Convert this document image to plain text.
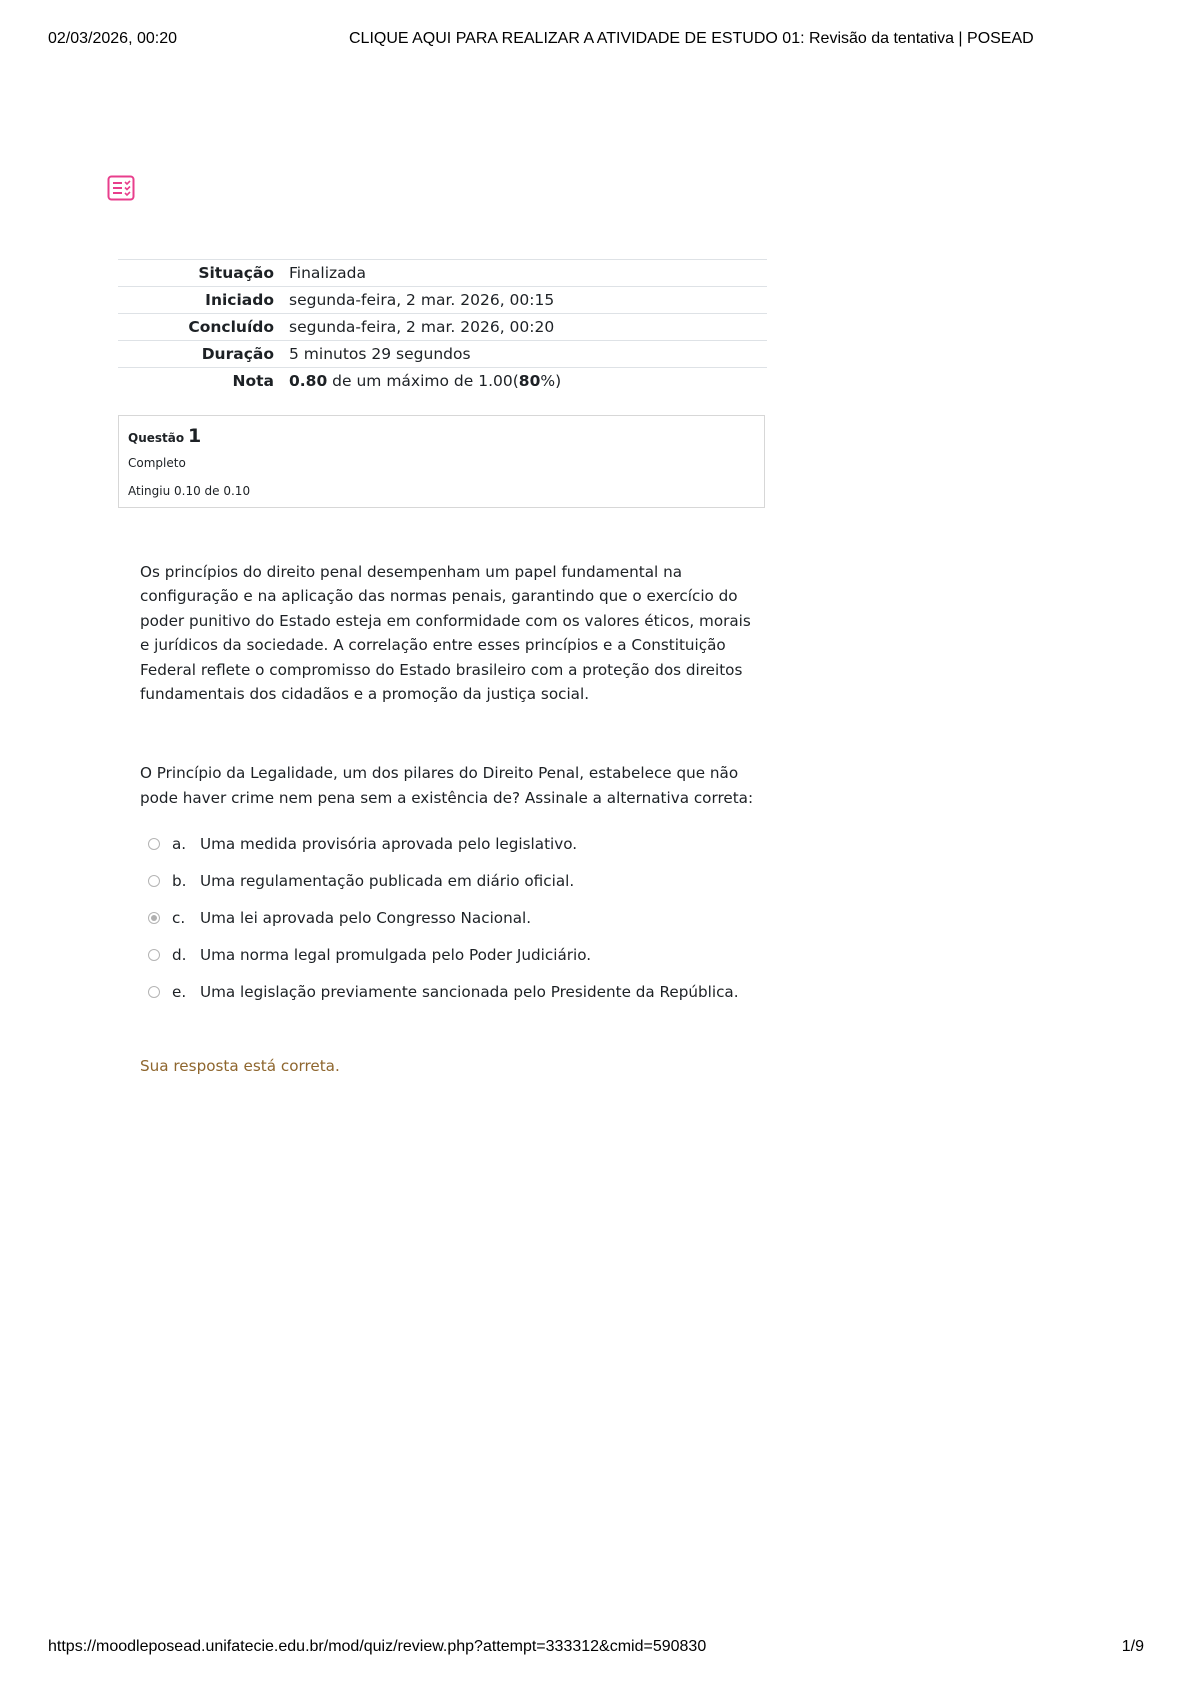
02/03/2026, 00:20	CLIQUE AQUI PARA REALIZAR A ATIVIDADE DE ESTUDO 01: Revisão da tentativa | POSEAD
Situação	Finalizada
Iniciado	segunda-feira, 2 mar. 2026, 00:15
Concluído	segunda-feira, 2 mar. 2026, 00:20
Duração	5 minutos 29 segundos
Nota	0.80 de um máximo de 1.00(80%)
Questão 1
Completo
Atingiu 0.10 de 0.10

Os princípios do direito penal desempenham um papel fundamental na configuração e na aplicação das normas penais, garantindo que o exercício do poder punitivo do Estado esteja em conformidade com os valores éticos, morais e jurídicos da sociedade. A correlação entre esses princípios e a Constituição Federal reflete o compromisso do Estado brasileiro com a proteção dos direitos fundamentais dos cidadãos e a promoção da justiça social.

O Princípio da Legalidade, um dos pilares do Direito Penal, estabelece que não pode haver crime nem pena sem a existência de? Assinale a alternativa correta:

a. Uma medida provisória aprovada pelo legislativo.
b. Uma regulamentação publicada em diário oficial.
c. Uma lei aprovada pelo Congresso Nacional.
d. Uma norma legal promulgada pelo Poder Judiciário.
e. Uma legislação previamente sancionada pelo Presidente da República.
Sua resposta está correta.
https://moodleposead.unifatecie.edu.br/mod/quiz/review.php?attempt=333312&cmid=590830	1/9
